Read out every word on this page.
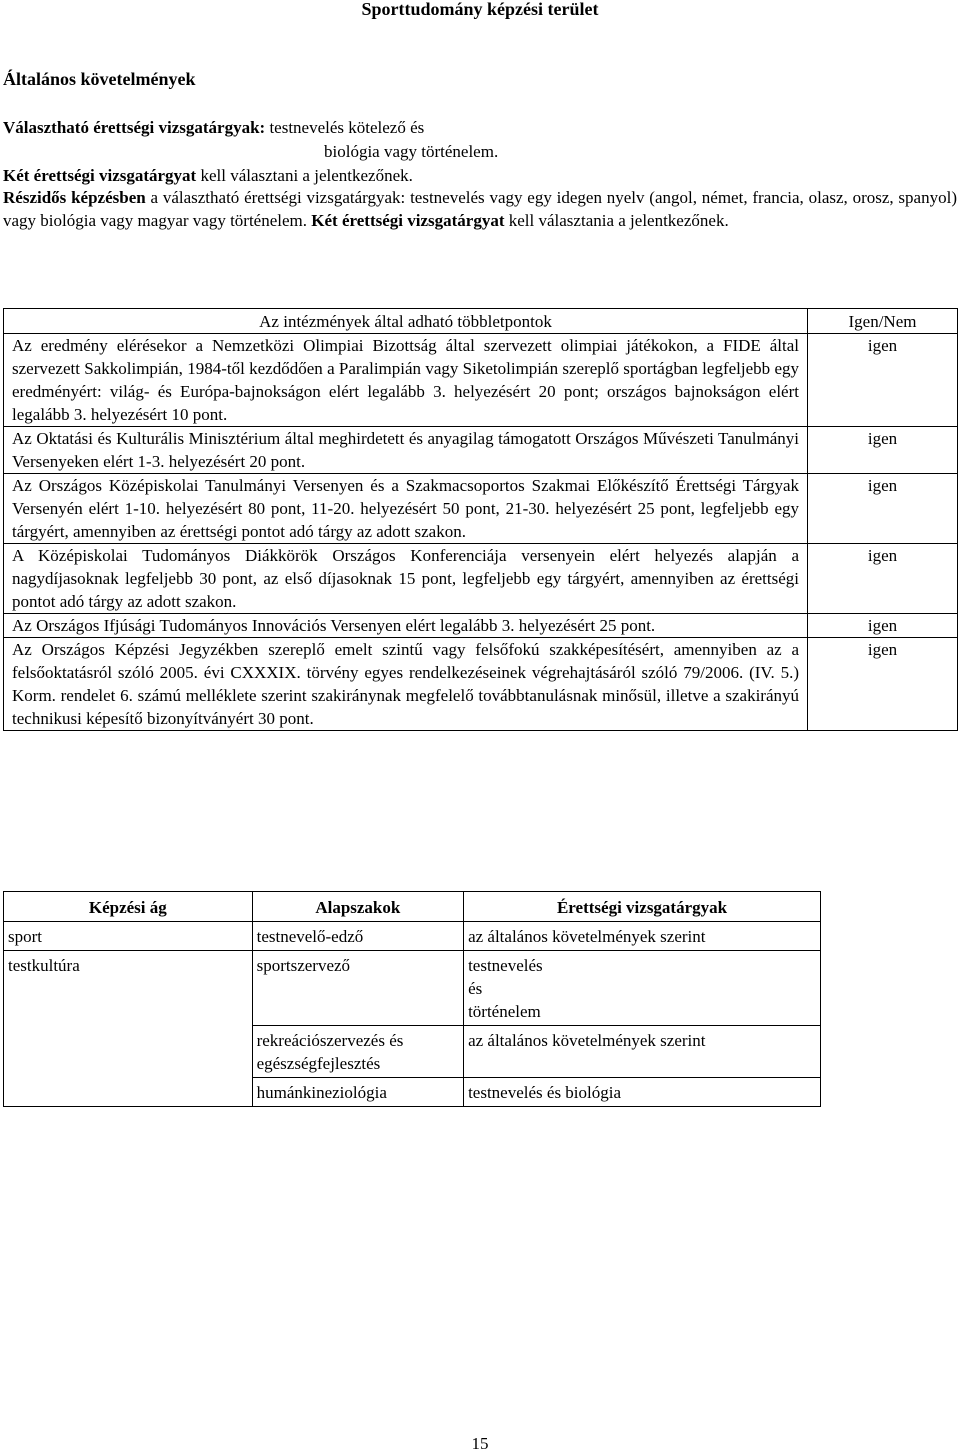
Sporttudomány képzési terület
Általános követelmények
Választható érettségi vizsgatárgyak: testnevelés kötelező és
biológia vagy történelem.
Két érettségi vizsgatárgyat kell választani a jelentkezőnek.
Részidős képzésben a választható érettségi vizsgatárgyak: testnevelés vagy egy idegen nyelv (angol, német, francia, olasz, orosz, spanyol) vagy biológia vagy magyar vagy történelem. Két érettségi vizsgatárgyat kell választania a jelentkezőnek.
Az intézmények által adható többletpontok	Igen/Nem
Az eredmény elérésekor a Nemzetközi Olimpiai Bizottság által szervezett olimpiai játékokon, a FIDE által szervezett Sakkolimpián, 1984-től kezdődően a Paralimpián vagy Siketolimpián szereplő sportágban legfeljebb egy eredményért: világ- és Európa-bajnokságon elért legalább 3. helyezésért 20 pont; országos bajnokságon elért legalább 3. helyezésért 10 pont.	igen
Az Oktatási és Kulturális Minisztérium által meghirdetett és anyagilag támogatott Országos Művészeti Tanulmányi Versenyeken elért 1-3. helyezésért 20 pont.	igen
Az Országos Középiskolai Tanulmányi Versenyen és a Szakmacsoportos Szakmai Előkészítő Érettségi Tárgyak Versenyén elért 1-10. helyezésért 80 pont, 11-20. helyezésért 50 pont, 21-30. helyezésért 25 pont, legfeljebb egy tárgyért, amennyiben az érettségi pontot adó tárgy az adott szakon.	igen
A Középiskolai Tudományos Diákkörök Országos Konferenciája versenyein elért helyezés alapján a nagydíjasoknak legfeljebb 30 pont, az első díjasoknak 15 pont, legfeljebb egy tárgyért, amennyiben az érettségi pontot adó tárgy az adott szakon.	igen
Az Országos Ifjúsági Tudományos Innovációs Versenyen elért legalább 3. helyezésért 25 pont.	igen
Az Országos Képzési Jegyzékben szereplő emelt szintű vagy felsőfokú szakképesítésért, amennyiben az a felsőoktatásról szóló 2005. évi CXXXIX. törvény egyes rendelkezéseinek végrehajtásáról szóló 79/2006. (IV. 5.) Korm. rendelet 6. számú melléklete szerint szakiránynak megfelelő továbbtanulásnak minősül, illetve a szakirányú technikusi képesítő bizonyítványért 30 pont.	igen
Képzési ág	Alapszakok	Érettségi vizsgatárgyak
sport	testnevelő-edző	az általános követelmények szerint
testkultúra	sportszervező	testnevelés
és
történelem

	rekreációszervezés és
egészségfejlesztés	az általános követelmények szerint
	humánkineziológia	testnevelés és biológia
15
